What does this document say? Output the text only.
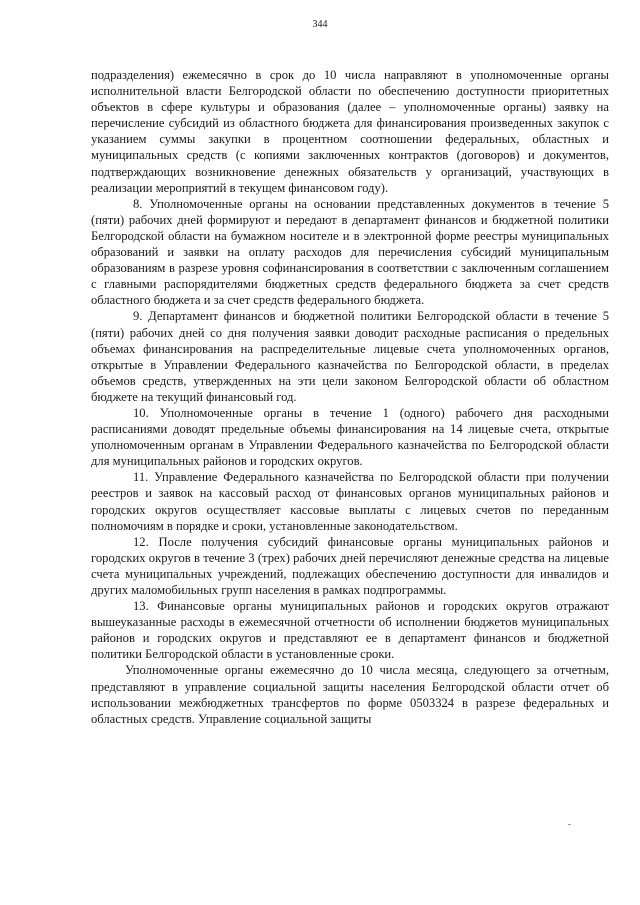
344

подразделения) ежемесячно в срок до 10 числа направляют в уполномоченные органы исполнительной власти Белгородской области по обеспечению доступности приоритетных объектов в сфере культуры и образования (далее – уполномоченные органы) заявку на перечисление субсидий из областного бюджета для финансирования произведенных закупок с указанием суммы закупки в процентном соотношении федеральных, областных и муниципальных средств (с копиями заключенных контрактов (договоров) и документов, подтверждающих возникновение денежных обязательств у организаций, участвующих в реализации мероприятий в текущем финансовом году).

8. Уполномоченные органы на основании представленных документов в течение 5 (пяти) рабочих дней формируют и передают в департамент финансов и бюджетной политики Белгородской области на бумажном носителе и в электронной форме реестры муниципальных образований и заявки на оплату расходов для перечисления субсидий муниципальным образованиям в разрезе уровня софинансирования в соответствии с заключенным соглашением с главными распорядителями бюджетных средств федерального бюджета за счет средств областного бюджета и за счет средств федерального бюджета.

9. Департамент финансов и бюджетной политики Белгородской области в течение 5 (пяти) рабочих дней со дня получения заявки доводит расходные расписания о предельных объемах финансирования на распределительные лицевые счета уполномоченных органов, открытые в Управлении Федерального казначейства по Белгородской области, в пределах объемов средств, утвержденных на эти цели законом Белгородской области об областном бюджете на текущий финансовый год.

10. Уполномоченные органы в течение 1 (одного) рабочего дня расходными расписаниями доводят предельные объемы финансирования на 14 лицевые счета, открытые уполномоченным органам в Управлении Федерального казначейства по Белгородской области для муниципальных районов и городских округов.

11. Управление Федерального казначейства по Белгородской области при получении реестров и заявок на кассовый расход от финансовых органов муниципальных районов и городских округов осуществляет кассовые выплаты с лицевых счетов по переданным полномочиям в порядке и сроки, установленные законодательством.

12. После получения субсидий финансовые органы муниципальных районов и городских округов в течение 3 (трех) рабочих дней перечисляют денежные средства на лицевые счета муниципальных учреждений, подлежащих обеспечению доступности для инвалидов и других маломобильных групп населения в рамках подпрограммы.

13. Финансовые органы муниципальных районов и городских округов отражают вышеуказанные расходы в ежемесячной отчетности об исполнении бюджетов муниципальных районов и городских округов и представляют ее в департамент финансов и бюджетной политики Белгородской области в установленные сроки.

Уполномоченные органы ежемесячно до 10 числа месяца, следующего за отчетным, представляют в управление социальной защиты населения Белгородской области отчет об использовании межбюджетных трансфертов по форме 0503324 в разрезе федеральных и областных средств. Управление социальной защиты
